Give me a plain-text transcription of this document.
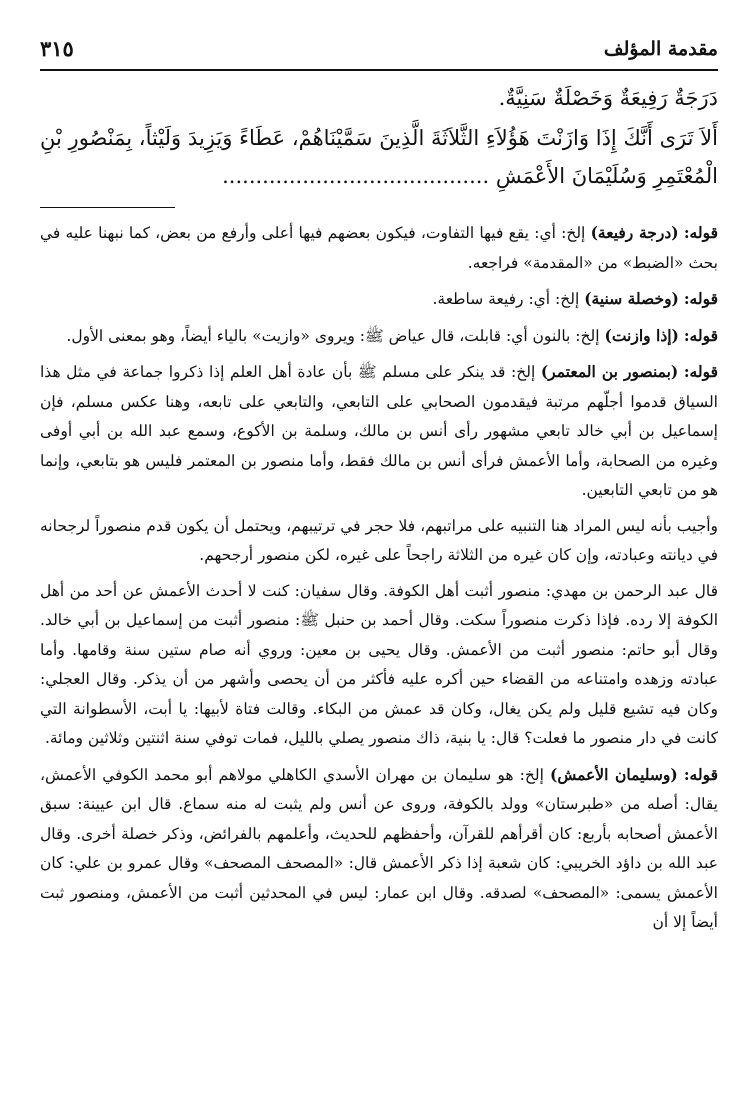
مقدمة المؤلف
٣١٥

دَرَجَةٌ رَفِيعَةٌ وَخَصْلَةٌ سَنِيَّةٌ.

أَلاَ تَرَى أَنَّكَ إِذَا وَازَنْتَ هَؤُلاَءِ الثَّلاَثَةَ الَّذِينَ سَمَّيْنَاهُمْ، عَطَاءً وَيَزِيدَ وَلَيْثاً، بِمَنْصُورِ بْنِ الْمُعْتَمِرِ وَسُلَيْمَانَ الأَعْمَشِ ........................................

قوله: (درجة رفيعة) إلخ: أي: يقع فيها التفاوت، فيكون بعضهم فيها أعلى وأرفع من بعض، كما نبهنا عليه في بحث «الضبط» من «المقدمة» فراجعه.

قوله: (وخصلة سنية) إلخ: أي: رفيعة ساطعة.

قوله: (إذا وازنت) إلخ: بالنون أي: قابلت، قال عياض ﷺ: ويروى «وازيت» بالياء أيضاً، وهو بمعنى الأول.

قوله: (بمنصور بن المعتمر) إلخ: قد ينكر على مسلم ﷺ بأن عادة أهل العلم إذا ذكروا جماعة في مثل هذا السياق قدموا أجلّهم مرتبة فيقدمون الصحابي على التابعي، والتابعي على تابعه، وهنا عكس مسلم، فإن إسماعيل بن أبي خالد تابعي مشهور رأى أنس بن مالك، وسلمة بن الأكوع، وسمع عبد الله بن أبي أوفى وغيره من الصحابة، وأما الأعمش فرأى أنس بن مالك فقط، وأما منصور بن المعتمر فليس هو بتابعي، وإنما هو من تابعي التابعين.

وأجيب بأنه ليس المراد هنا التنبيه على مراتبهم، فلا حجر في ترتيبهم، ويحتمل أن يكون قدم منصوراً لرجحانه في ديانته وعبادته، وإن كان غيره من الثلاثة راجحاً على غيره، لكن منصور أرجحهم.

قال عبد الرحمن بن مهدي: منصور أثبت أهل الكوفة. وقال سفيان: كنت لا أحدث الأعمش عن أحد من أهل الكوفة إلا رده. فإذا ذكرت منصوراً سكت. وقال أحمد بن حنبل ﷺ: منصور أثبت من إسماعيل بن أبي خالد. وقال أبو حاتم: منصور أثبت من الأعمش. وقال يحيى بن معين: وروي أنه صام ستين سنة وقامها. وأما عبادته وزهده وامتناعه من القضاء حين أكره عليه فأكثر من أن يحصى وأشهر من أن يذكر. وقال العجلي: وكان فيه تشيع قليل ولم يكن يغال، وكان قد عمش من البكاء. وقالت فتاة لأبيها: يا أبت، الأسطوانة التي كانت في دار منصور ما فعلت؟ قال: يا بنية، ذاك منصور يصلي بالليل، فمات توفي سنة اثنتين وثلاثين ومائة.

قوله: (وسليمان الأعمش) إلخ: هو سليمان بن مهران الأسدي الكاهلي مولاهم أبو محمد الكوفي الأعمش، يقال: أصله من «طبرستان» وولد بالكوفة، وروى عن أنس ولم يثبت له منه سماع. قال ابن عيينة: سبق الأعمش أصحابه بأربع: كان أقرأهم للقرآن، وأحفظهم للحديث، وأعلمهم بالفرائض، وذكر خصلة أخرى. وقال عبد الله بن داؤد الخريبي: كان شعبة إذا ذكر الأعمش قال: «المصحف المصحف» وقال عمرو بن علي: كان الأعمش يسمى: «المصحف» لصدقه. وقال ابن عمار: ليس في المحدثين أثبت من الأعمش، ومنصور ثبت أيضاً إلا أن
